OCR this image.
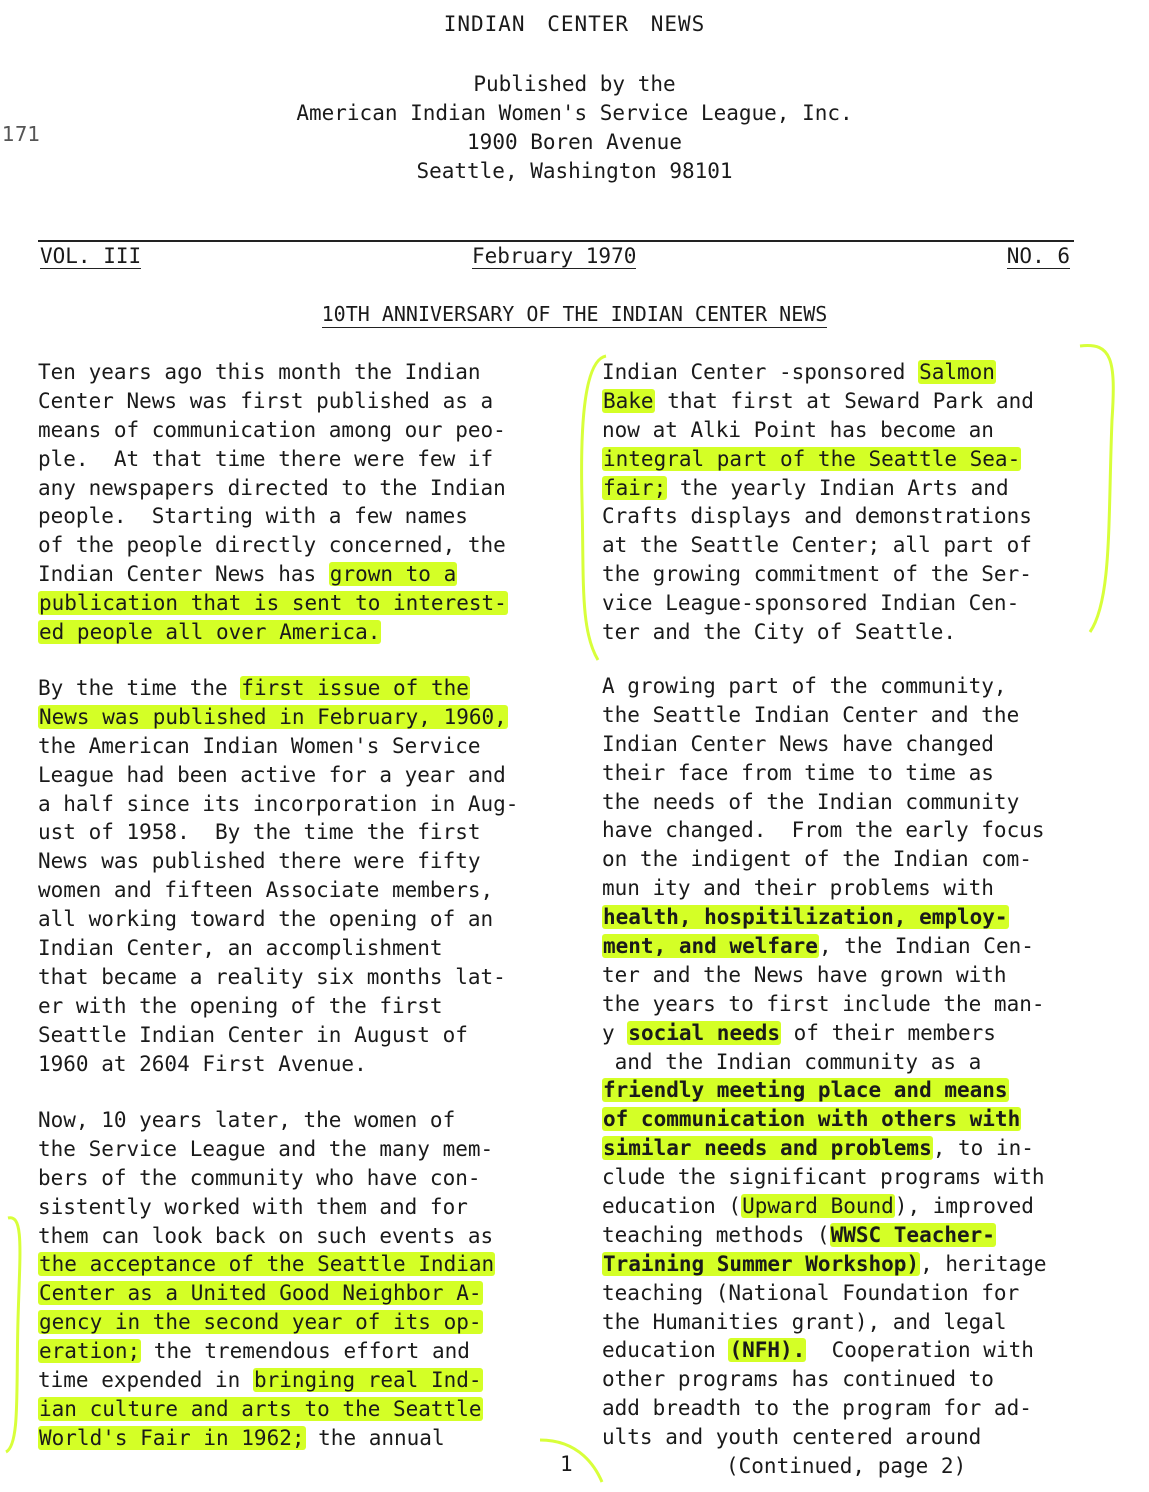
INDIAN CENTER NEWS
Published by the
American Indian Women's Service League, Inc.
1900 Boren Avenue
Seattle, Washington 98101
171
VOL. III	February 1970	NO. 6
10TH ANNIVERSARY OF THE INDIAN CENTER NEWS
Ten years ago this month the Indian
Center News was first published as a
means of communication among our peo-
ple.  At that time there were few if
any newspapers directed to the Indian
people.  Starting with a few names
of the people directly concerned, the
Indian Center News has grown to a
publication that is sent to interest-
ed people all over America.
By the time the first issue of the
News was published in February, 1960,
the American Indian Women's Service
League had been active for a year and
a half since its incorporation in Aug-
ust of 1958.  By the time the first
News was published there were fifty
women and fifteen Associate members,
all working toward the opening of an
Indian Center, an accomplishment
that became a reality six months lat-
er with the opening of the first
Seattle Indian Center in August of
1960 at 2604 First Avenue.
Now, 10 years later, the women of
the Service League and the many mem-
bers of the community who have con-
sistently worked with them and for
them can look back on such events as
the acceptance of the Seattle Indian
Center as a United Good Neighbor A-
gency in the second year of its op-
eration; the tremendous effort and
time expended in bringing real Ind-
ian culture and arts to the Seattle
World's Fair in 1962; the annual
Indian Center -sponsored Salmon
Bake that first at Seward Park and
now at Alki Point has become an
integral part of the Seattle Sea-
fair; the yearly Indian Arts and
Crafts displays and demonstrations
at the Seattle Center; all part of
the growing commitment of the Ser-
vice League-sponsored Indian Cen-
ter and the City of Seattle.
A growing part of the community,
the Seattle Indian Center and the
Indian Center News have changed
their face from time to time as
the needs of the Indian community
have changed.  From the early focus
on the indigent of the Indian com-
mun ity and their problems with
health, hospitilization, employ-
ment, and welfare, the Indian Cen-
ter and the News have grown with
the years to first include the man-
y social needs of their members
and the Indian community as a
friendly meeting place and means
of communication with others with
similar needs and problems, to in-
clude the significant programs with
education (Upward Bound), improved
teaching methods (WWSC Teacher-
Training Summer Workshop), heritage
teaching (National Foundation for
the Humanities grant), and legal
education (NFH).  Cooperation with
other programs has continued to
add breadth to the program for ad-
ults and youth centered around
(Continued, page 2)
1
